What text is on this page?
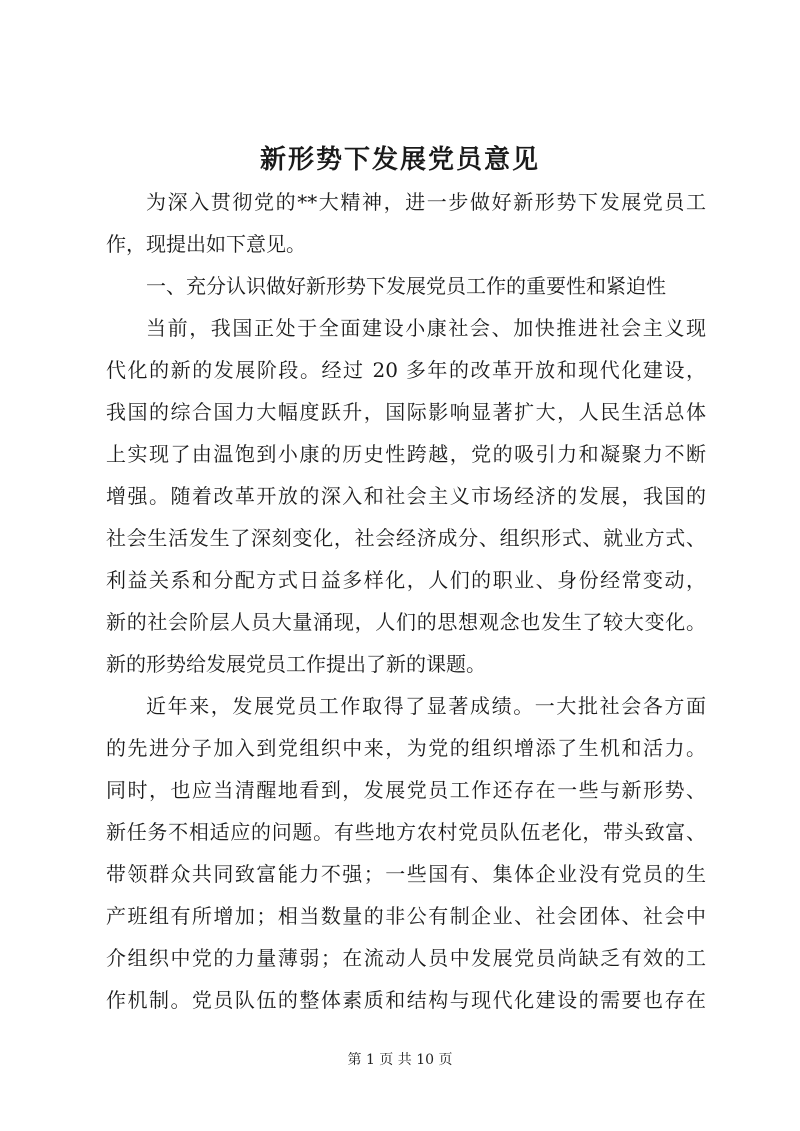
新形势下发展党员意见
为深入贯彻党的**大精神，进一步做好新形势下发展党员工
作，现提出如下意见。
一、充分认识做好新形势下发展党员工作的重要性和紧迫性
当前，我国正处于全面建设小康社会、加快推进社会主义现
代化的新的发展阶段。经过 20 多年的改革开放和现代化建设，
我国的综合国力大幅度跃升，国际影响显著扩大，人民生活总体
上实现了由温饱到小康的历史性跨越，党的吸引力和凝聚力不断
增强。随着改革开放的深入和社会主义市场经济的发展，我国的
社会生活发生了深刻变化，社会经济成分、组织形式、就业方式、
利益关系和分配方式日益多样化，人们的职业、身份经常变动，
新的社会阶层人员大量涌现，人们的思想观念也发生了较大变化。
新的形势给发展党员工作提出了新的课题。
近年来，发展党员工作取得了显著成绩。一大批社会各方面
的先进分子加入到党组织中来，为党的组织增添了生机和活力。
同时，也应当清醒地看到，发展党员工作还存在一些与新形势、
新任务不相适应的问题。有些地方农村党员队伍老化，带头致富、
带领群众共同致富能力不强；一些国有、集体企业没有党员的生
产班组有所增加；相当数量的非公有制企业、社会团体、社会中
介组织中党的力量薄弱；在流动人员中发展党员尚缺乏有效的工
作机制。党员队伍的整体素质和结构与现代化建设的需要也存在
第 1 页 共 10 页
